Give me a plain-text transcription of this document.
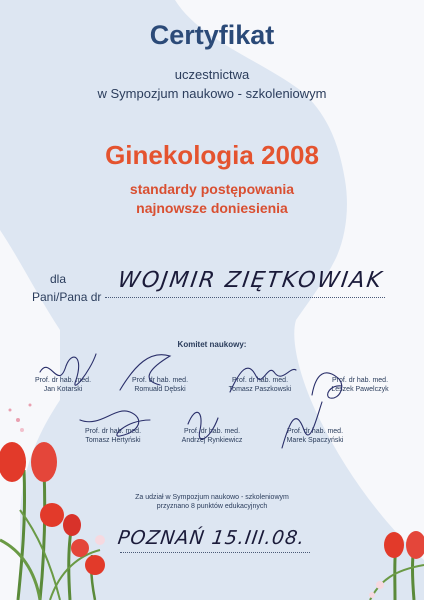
Certyfikat
uczestnictwa
w Sympozjum naukowo - szkoleniowym
Ginekologia 2008
standardy postępowania
najnowsze doniesienia
dla
Pani/Pana dr
WOJMIR ZIĘTKOWIAK
Komitet naukowy:
Prof. dr hab. med.
Jan Kotarski
Prof. dr hab. med.
Romuald Dębski
Prof. dr hab. med.
Tomasz Paszkowski
Prof. dr hab. med.
Leszek Pawelczyk
Prof. dr hab. med.
Tomasz Hertyński
Prof. dr hab. med.
Andrzej Rynkiewicz
Prof. dr hab. med.
Marek Spaczyński
Za udział w Sympozjum naukowo - szkoleniowym
przyznano 8 punktów edukacyjnych
POZNAŃ 15.III.08.
